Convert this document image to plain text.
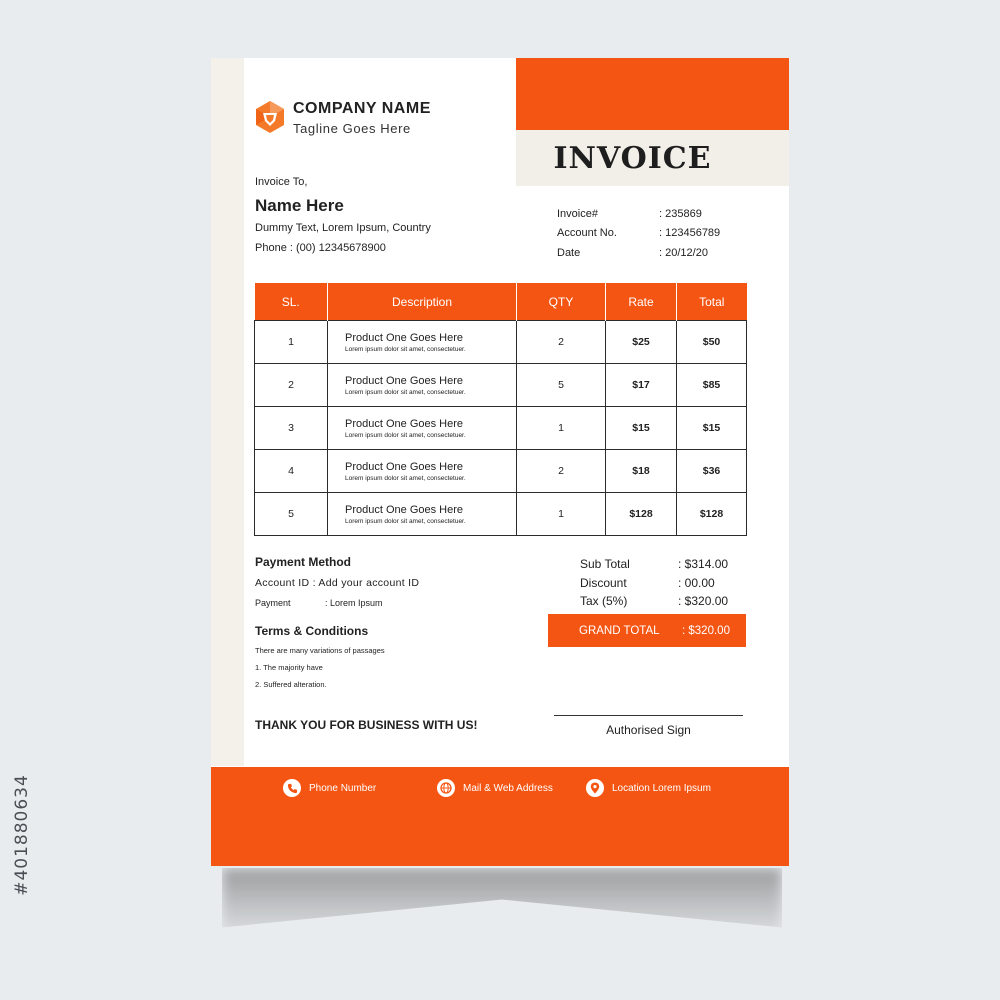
#401880634
INVOICE
COMPANY NAME
Tagline Goes Here
Invoice To,
Name Here
Dummy Text, Lorem Ipsum, Country
Phone : (00) 12345678900
Invoice#	: 235869
Account No.	: 123456789
Date	: 20/12/20
SL.	Description	QTY	Rate	Total
1	Product One Goes Here
Lorem ipsum dolor sit amet, consectetuer.	2	$25	$50
2	Product One Goes Here
Lorem ipsum dolor sit amet, consectetuer.	5	$17	$85
3	Product One Goes Here
Lorem ipsum dolor sit amet, consectetuer.	1	$15	$15
4	Product One Goes Here
Lorem ipsum dolor sit amet, consectetuer.	2	$18	$36
5	Product One Goes Here
Lorem ipsum dolor sit amet, consectetuer.	1	$128	$128
Payment Method
Account ID : Add your account ID
Payment	: Lorem Ipsum
Terms & Conditions
There are many variations of passages
1. The majority have
2. Suffered alteration.
THANK YOU FOR BUSINESS WITH US!
Sub Total	: $314.00
Discount	: 00.00
Tax (5%)	: $320.00
GRAND TOTAL	: $320.00
Authorised Sign
Phone Number	Mail & Web Address	Location Lorem Ipsum
